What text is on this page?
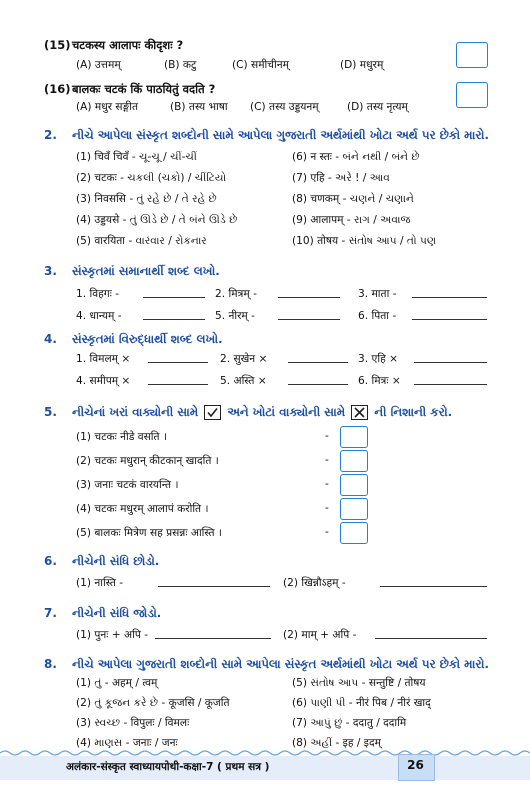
(15) चटकस्य आलापः कीदृशः ?
(A) उत्तमम्	(B) कटु	(C) समीचीनम्	(D) मधुरम्
(16) बालकः चटकं किं पाठयितुं वदति ?
(A) मधुर सङ्गीत	(B) तस्य भाषा (C) तस्य उड्डयनम्	(D) तस्य नृत्यम्
2. નીચે આપેલા સંસ્કૃત શબ્દોની સામે આપેલા ગુજરાતી અર્થમાંથી ખોટા અર્થ પર છેકો મારો.
(1) चिवँ चिवँ - ચૂ-ચૂ / ચીં-ચીં
(2) चटकः - ચકલી (ચકો) / ચીંટિયો
(3) निवससि - તું રહે છે / તે રહે છે
(4) उड्डयसे - તું ઊડે છે / તે બંને ઊડે છે
(5) वारयिता - વારંવાર / રોકનાર
(6) न स्तः - બંને નથી / બંને છે
(7) एहि - અરે ! / આવ
(8) चणकम् - ચણને / ચણાને
(9) आलापम् - રાગ / અવાજ
(10) तोषय - સંતોષ આપ / તો પણ
3. સંસ્કૃતમાં સમાનાર્થી શબ્દ લખો.
1. विहगः -	2. मित्रम् -	3. माता -
4. धान्यम् -	5. नीरम् -	6. पिता -
4. સંસ્કૃતમાં વિરુદ્ધાર્થી શબ્દ લખો.
1. विमलम् ×	2. सुखेन ×	3. एहि ×
4. समीपम् ×	5. अस्ति ×	6. मित्रः ×
5. નીચેનાં ખરાં વાક્યોની સામે અને ખોટાં વાક્યોની સામે ની નિશાની કરો.
(1) चटकः नीडे वसति ।
(2) चटकः मधुरान् कीटकान् खादति ।
(3) जनाः चटकं वारयन्ति ।
(4) चटकः मधुरम् आलापं करोति ।
(5) बालकः मित्रेण सह प्रसन्नः आस्ति ।
-
-
-
-
-
6. નીચેની સંધિ છોડો.
(1) नास्ति -	(2) खिन्नौऽहम् -
7. નીચેની સંધિ જોડો.
(1) पुनः + अपि -	(2) माम् + अपि -
8. નીચે આપેલા ગુજરાતી શબ્દોની સામે આપેલા સંસ્કૃત અર્થમાંથી ખોટા અર્થ પર છેકો મારો.
(1) તું - अहम् / त्वम्
(2) તું કૂજન કરે છે - कूजसि / कूजति
(3) સ્વચ્છ - विपुलः / विमलः
(4) માણસ - जनाः / जनः
(5) સંતોષ આપ - सन्तुष्टि / तोषय
(6) પાણી પી - नीरं पिब / नीरं खाद्
(7) આપું છું - ददातु / ददामि
(8) અહીં - इह / इदम्
अलंकार-संस्कृत स्वाध्यायपोथी-कक्षा-7 ( प्रथम सत्र )	26
